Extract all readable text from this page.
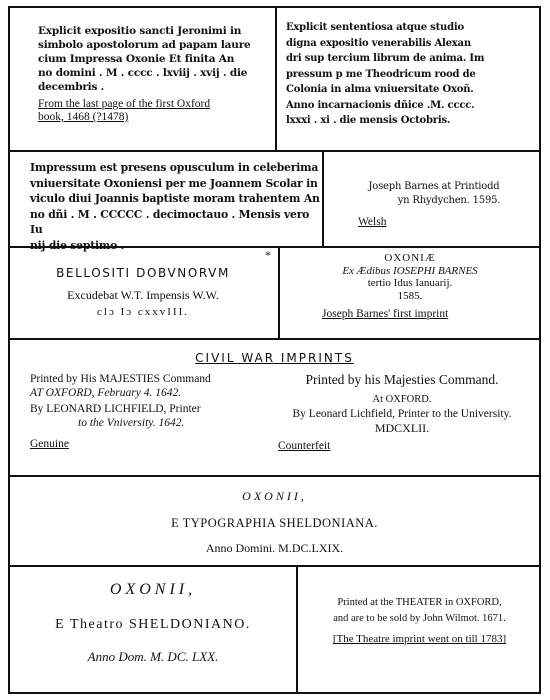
Explicit expositio sancti Jeronimi in
simbolo apostolorum ad papam laure
cium Impressa Oxonie Et finita An
no domini . M . cccc . lxviij . xvij . die
decembris .
From the last page of the first Oxford
book, 1468 (?1478)
Explicit sententiosa atque studio
digna expositio venerabilis Alexan
dri sup tercium librum de anima. Im
pressum p me Theodricum rood de
Colonia in alma vniuersitate Oxoñ.
Anno incarnacionis dñice .M. cccc.
lxxxi . xi . die mensis Octobris.
Impressum est presens opusculum in celeberima
vniuersitate Oxoniensi per me Joannem Scolar in
viculo diui Joannis baptiste moram trahentem An
no dñi . M . CCCCC . decimoctauo . Mensis vero Iu
nij die septimo .
Joseph Barnes at Printiodd
yn Rhydychen. 1595.
Welsh
BELLOSITI DOBVNORVM
Excudebat W.T. Impensis W.W.
clɔ Iɔ cxxvIII.
*	OXONIÆ
Ex Ædibus IOSEPHI BARNES
tertio Idus Ianuarij.
1585.
Joseph Barnes' first imprint
CIVIL WAR IMPRINTS
Printed by His MAJESTIES Command
AT OXFORD, February 4. 1642.
By LEONARD LICHFIELD, Printer
to the Vniversity. 1642.
Genuine
Printed by his Majesties Command.
At OXFORD.
By Leonard Lichfield, Printer to the University.
MDCXLII.
Counterfeit
OXONII,
E TYPOGRAPHIA SHELDONIANA.
Anno Domini. M.DC.LXIX.
OXONII,
E Theatro SHELDONIANO.
Anno Dom. M. DC. LXX.
Printed at the THEATER in OXFORD,
and are to be sold by John Wilmot. 1671.
[The Theatre imprint went on till 1783]
